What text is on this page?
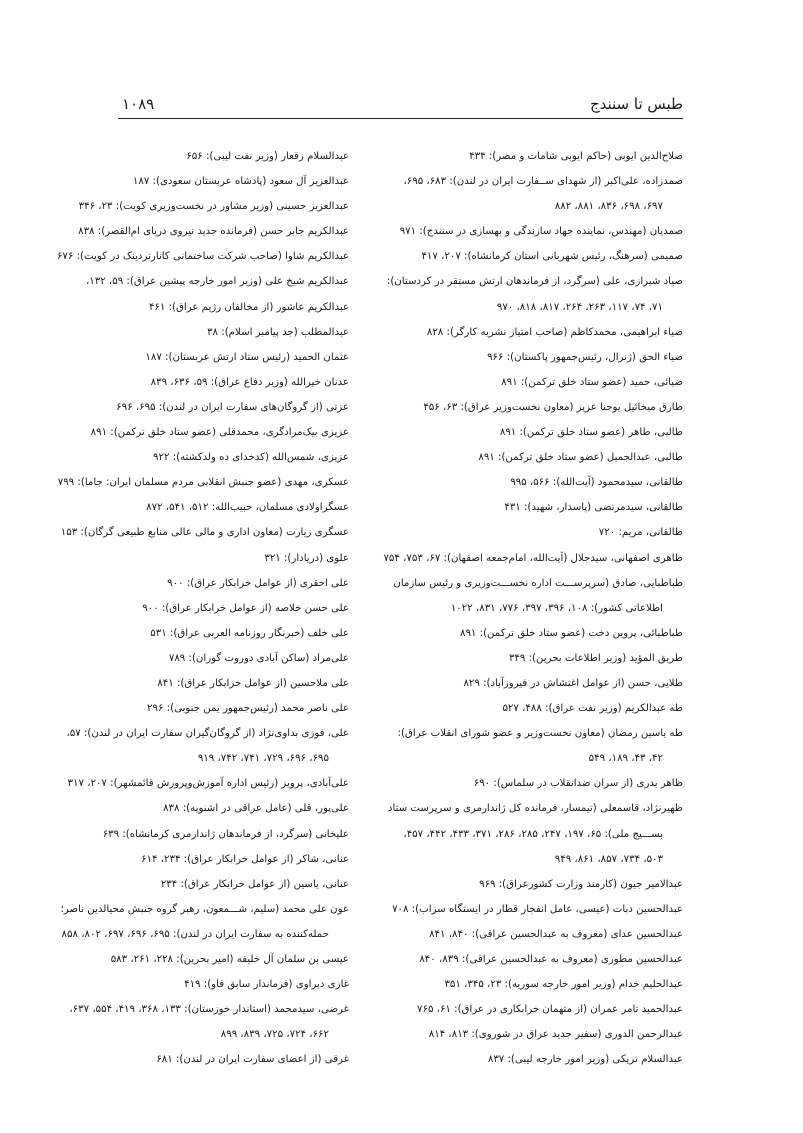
طبس تا سنندج
۱۰۸۹
صلاح‌الدین ایوبی (حاکم ایوبی شامات و مصر): ۴۳۴
صمدزاده، علی‌اکبر (از شهدای ســفارت ایران در لندن): ۶۸۳، ۶۹۵،
۶۹۷، ۶۹۸، ۸۳۶، ۸۸۱، ۸۸۲
صمدیان (مهندس، نماینده جهاد سازندگی و بهسازی در سنندج): ۹۷۱
صمیمی (سرهنگ، رئیس شهربانی استان کرمانشاه): ۲۰۷، ۴۱۷
صیاد شیرازی، علی (سرگرد، از فرماندهان ارتش مستقر در کردستان):
۷۱، ۷۴، ۱۱۷، ۲۶۳، ۲۶۴، ۸۱۷، ۸۱۸، ۹۷۰
ضیاء ابراهیمی، محمدکاظم (صاحب امتیاز نشریه کارگر): ۸۲۸
ضیاء الحق (ژنرال، رئیس‌جمهور پاکستان): ۹۶۶
ضیائی، حمید (عضو ستاد خلق ترکمن): ۸۹۱
طارق میخائیل یوحنا عزیز (معاون نخست‌وزیر عراق): ۶۳، ۴۵۶
طالبی، طاهر (عضو ستاد خلق ترکمن): ۸۹۱
طالبی، عبدالجمیل (عضو ستاد خلق ترکمن): ۸۹۱
طالقانی، سیدمحمود (آیت‌الله): ۵۶۶، ۹۹۵
طالقانی، سیدمرتضی (پاسدار، شهید): ۴۳۱
طالقانی، مریم: ۷۲۰
طاهری اصفهانی، سیدجلال (آیت‌الله، امام‌جمعه اصفهان): ۶۷، ۷۵۳، ۷۵۴
طباطبایی، صادق (سرپرســـت اداره نخســـت‌وزیری و رئیس سازمان
اطلاعاتی کشور): ۱۰۸، ۳۹۶، ۳۹۷، ۷۷۶، ۸۳۱، ۱۰۲۲
طباطبائی، پروین دخت (عضو ستاد خلق ترکمن): ۸۹۱
طریق المؤید (وزیر اطلاعات بحرین): ۳۴۹
طلایی، حسن (از عوامل اغتشاش در فیروزآباد): ۸۲۹
طه عبدالکریم (وزیر نفت عراق): ۴۸۸، ۵۲۷
طه یاسین رمضان (معاون نخست‌وزیر و عضو شورای انقلاب عراق):
۴۲، ۴۳، ۱۸۹، ۵۴۹
ظاهر بدری (از سران ضدانقلاب در سلماس): ۶۹۰
ظهیرنژاد، قاسمعلی (تیمسار، فرمانده کل ژاندارمری و سرپرست ستاد
بســـیج ملی): ۶۵، ۱۹۷، ۲۴۷، ۲۸۵، ۲۸۶، ۳۷۱، ۴۳۳، ۴۴۲، ۴۵۷،
۵۰۳، ۷۳۴، ۸۵۷، ۸۶۱، ۹۴۹
عبدالامیر جیون (کارمند وزارت کشورعراق): ۹۶۹
عبدالحسین دبات (عیسی، عامل انفجار قطار در ایستگاه سزاب): ۷۰۸
عبدالحسین عدای (معروف به عبدالحسین عراقی): ۸۴۰، ۸۴۱
عبدالحسین مطوری (معروف به عبدالحسین عراقی): ۸۳۹، ۸۴۰
عبدالحلیم خدام (وزیر امور خارجه سوریه): ۲۳، ۳۴۵، ۳۵۱
عبدالحمید تامر عمران (از متهمان خرابکاری در عراق): ۶۱، ۷۶۵
عبدالرحمن الدوری (سفیر جدید عراق در شوروی): ۸۱۳، ۸۱۴
عبدالسلام تریکی (وزیر امور خارجه لیبی): ۸۳۷
عبدالسلام زقعار (وزیر نفت لیبی): ۶۵۶
عبدالعزیز آل سعود (پادشاه عربستان سعودی): ۱۸۷
عبدالعزیز حسینی (وزیر مشاور در نخست‌وزیری کویت): ۲۳، ۳۴۶
عبدالکریم جابر حسن (فرمانده جدید نیروی دریای ام‌القصر): ۸۳۸
عبدالکریم شاوا (صاحب شرکت ساختمانی کانارتردینک در کویت): ۶۷۶
عبدالکریم شیخ علی (وزیر امور خارجه پیشین عراق): ۵۹، ۱۳۲،
عبدالکریم عاشور (از مخالفان رژیم عراق): ۴۶۱
عبدالمطلب (جد پیامبر اسلام): ۳۸
عثمان الحمید (رئیس ستاد ارتش عربستان): ۱۸۷
عدنان خیرالله (وزیر دفاع عراق): ۵۹، ۶۳۶، ۸۳۹
عزتی (از گروگان‌های سفارت ایران در لندن): ۶۹۵، ۶۹۶
عزیزی بیک‌مرادگری، محمدقلی (عضو ستاد خلق ترکمن): ۸۹۱
عزیزی، شمس‌الله (کدخدای ده ولدکشته): ۹۲۲
عسکری، مهدی (عضو جنبش انقلابی مردم مسلمان ایران: جاما): ۷۹۹
عسگراولادی مسلمان، حبیب‌الله: ۵۱۲، ۵۴۱، ۸۷۲
عسگری زیارت (معاون اداری و مالی عالی منابع طبیعی گرگان): ۱۵۳
علوی (دریادار): ۳۲۱
علی احقری (از عوامل خرابکار عراق): ۹۰۰
علی حسن خلاصه (از عوامل خرابکار عراق): ۹۰۰
علی خلف (خبرنگار روزنامه العربی عراق): ۵۳۱
علی‌مراد (ساکن آبادی دوروت گوران): ۷۸۹
علی ملاحسین (از عوامل خرابکار عراق): ۸۴۱
علی ناصر محمد (رئیس‌جمهور یمن جنوبی): ۲۹۶
علی، فوزی بداوی‌نژاد (از گروگان‌گیران سفارت ایران در لندن): ۵۷،
۶۹۵، ۶۹۶، ۷۲۹، ۷۴۱، ۷۴۲، ۹۱۹
علی‌آبادی، پرویز (رئیس اداره آموزش‌وپرورش قائمشهر): ۲۰۷، ۳۱۷
علی‌پور، قلی (عامل عراقی در اشنویه): ۸۳۸
علیخانی (سرگرد، از فرماندهان ژاندارمری کرمانشاه): ۶۳۹
عنانی، شاکر (از عوامل خرابکار عراق): ۲۳۴، ۶۱۴
عنانی، یاسین (از عوامل خرابکار عراق): ۲۳۴
عون علی محمد (سلیم، شـــمعون، رهبر گروه جنبش محیالدین ناصر؛
حمله‌کننده به سفارت ایران در لندن): ۶۹۵، ۶۹۶، ۶۹۷، ۸۰۲، ۸۵۸
عیسی بن سلمان آل خلیفه (امیر بحرین): ۲۲۸، ۲۶۱، ۵۸۳
غازی دیراوی (فرماندار سابق فاو): ۴۱۹
غرضی، سیدمحمد (استاندار خوزستان): ۱۳۳، ۳۶۸، ۴۱۹، ۵۵۴، ۶۳۷،
۶۶۲، ۷۲۴، ۷۲۵، ۸۳۹، ۸۹۹
غرقی (از اعضای سفارت ایران در لندن): ۶۸۱
